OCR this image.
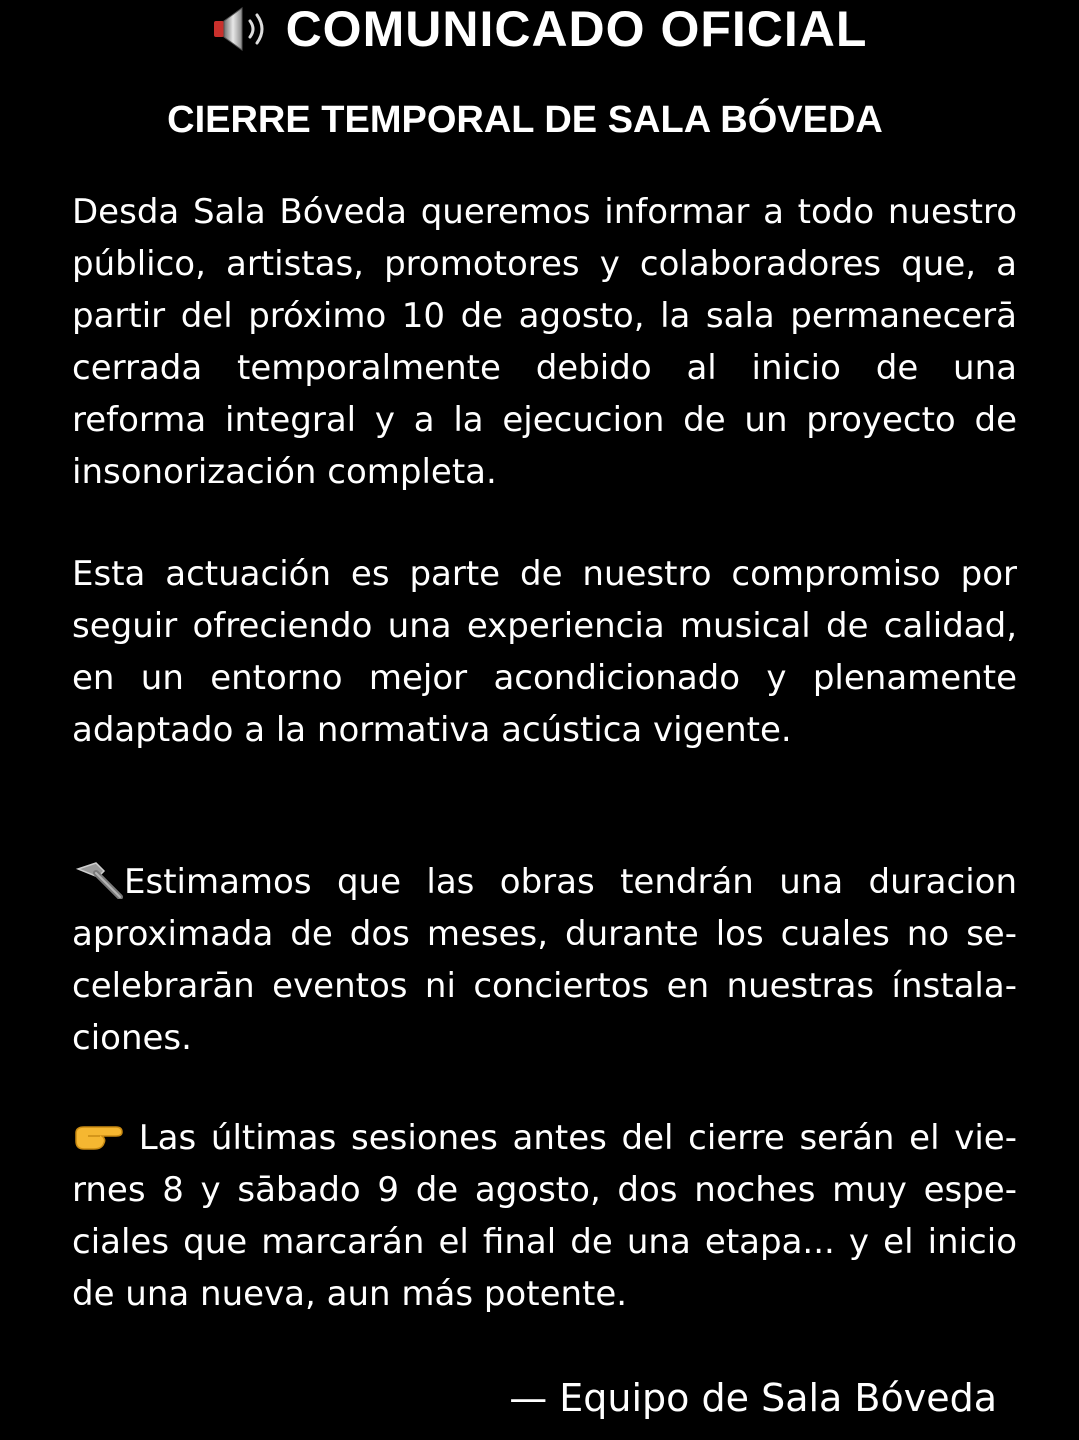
COMUNICADO OFICIAL
CIERRE TEMPORAL DE SALA BÓVEDA

Desda Sala Bóveda queremos informar a todo nuestro público, artistas, promotores y colaboradores que, a partir del próximo 10 de agosto, la sala permanecerā cerrada temporalmente debido al inicio de una reforma integral y a la ejecucion de un proyecto de insonorización completa.

Esta actuación es parte de nuestro compromiso por seguir ofreciendo una experiencia musical de calidad, en un entorno mejor acondicionado y plenamente adaptado a la normativa acústica vigente.

Estimamos que las obras tendrán una duracion aproximada de dos meses, durante los cuales no secelebrarān eventos ni conciertos en nuestras ínstalaciones.

Las últimas sesiones antes del cierre serán el viernes 8 y sābado 9 de agosto, dos noches muy especiales que marcarán el final de una etapa... y el inicio de una nueva, aun más potente.

— Equipo de Sala Bóveda
